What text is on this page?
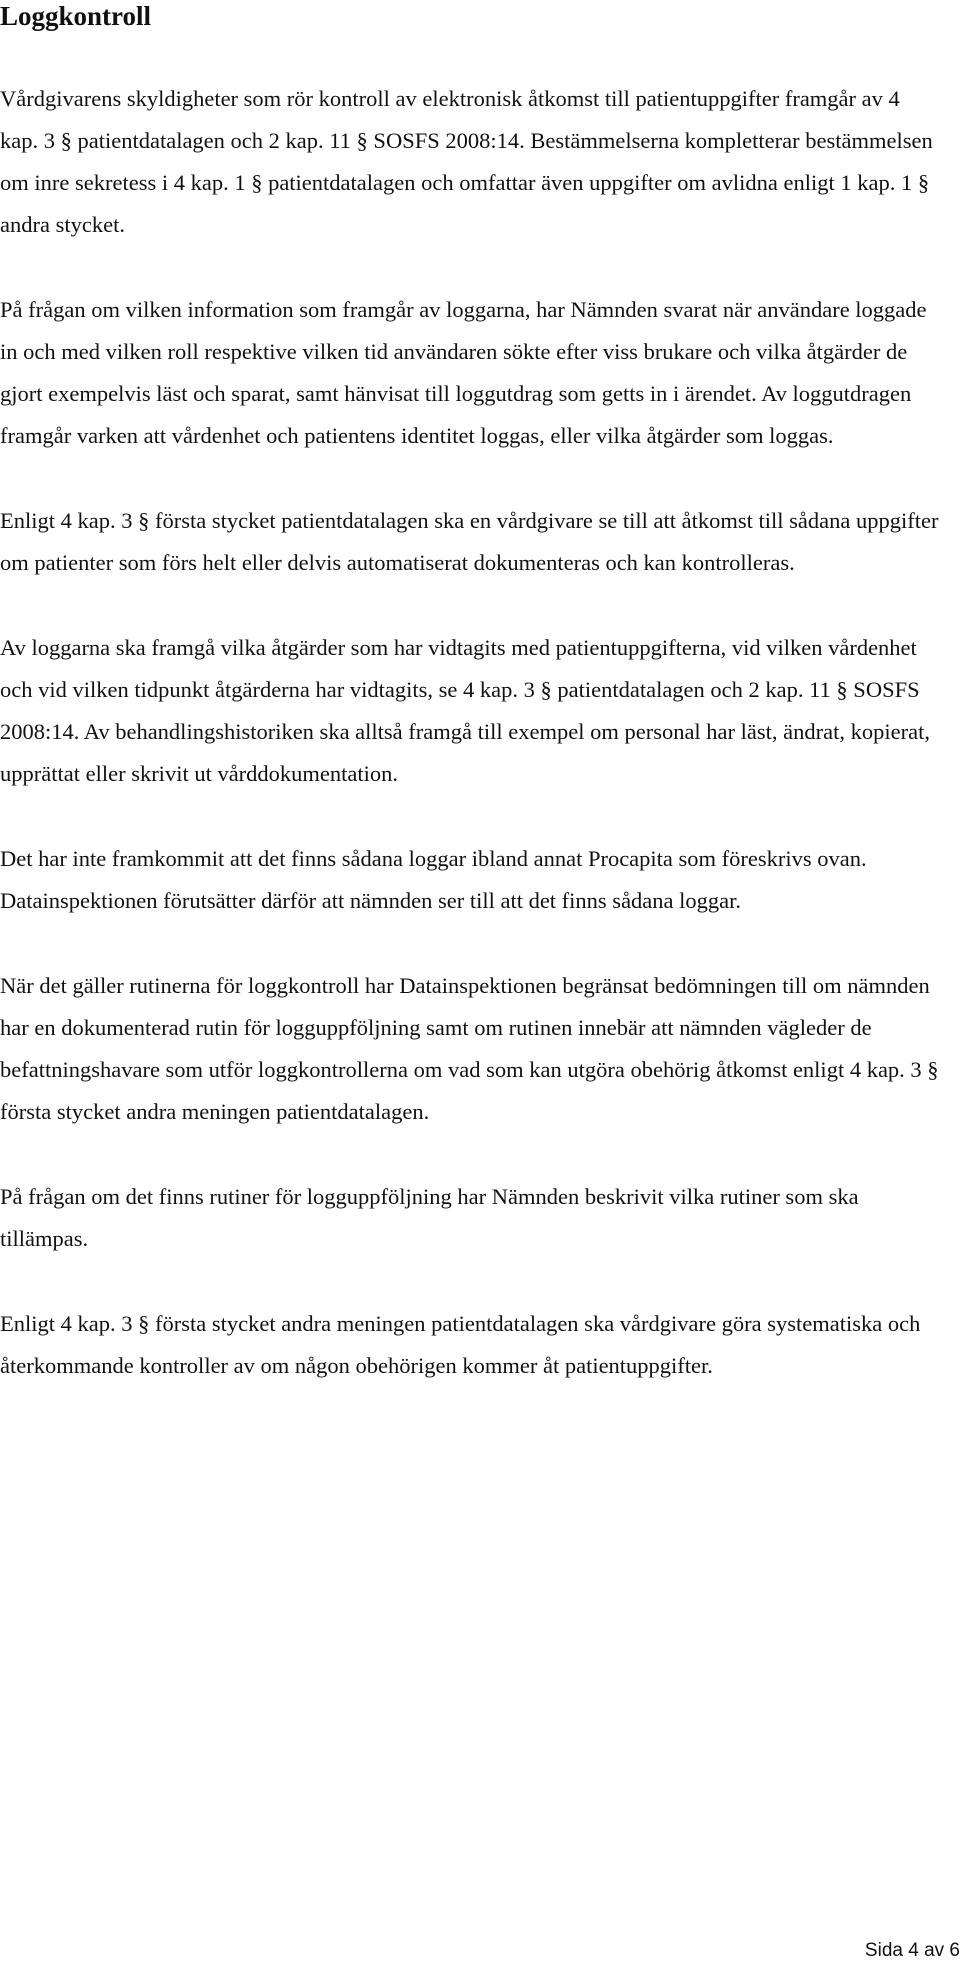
Loggkontroll

Vårdgivarens skyldigheter som rör kontroll av elektronisk åtkomst till patientuppgifter framgår av 4 kap. 3 § patientdatalagen och 2 kap. 11 § SOSFS 2008:14. Bestämmelserna kompletterar bestämmelsen om inre sekretess i 4 kap. 1 § patientdatalagen och omfattar även uppgifter om avlidna enligt 1 kap. 1 § andra stycket.

På frågan om vilken information som framgår av loggarna, har Nämnden svarat när användare loggade in och med vilken roll respektive vilken tid användaren sökte efter viss brukare och vilka åtgärder de gjort exempelvis läst och sparat, samt hänvisat till loggutdrag som getts in i ärendet. Av loggutdragen framgår varken att vårdenhet och patientens identitet loggas, eller vilka åtgärder som loggas.

Enligt 4 kap. 3 § första stycket patientdatalagen ska en vårdgivare se till att åtkomst till sådana uppgifter om patienter som förs helt eller delvis automatiserat dokumenteras och kan kontrolleras.

Av loggarna ska framgå vilka åtgärder som har vidtagits med patientuppgifterna, vid vilken vårdenhet och vid vilken tidpunkt åtgärderna har vidtagits, se 4 kap. 3 § patientdatalagen och 2 kap. 11 § SOSFS 2008:14. Av behandlingshistoriken ska alltså framgå till exempel om personal har läst, ändrat, kopierat, upprättat eller skrivit ut vårddokumentation.

Det har inte framkommit att det finns sådana loggar ibland annat Procapita som föreskrivs ovan. Datainspektionen förutsätter därför att nämnden ser till att det finns sådana loggar.

När det gäller rutinerna för loggkontroll har Datainspektionen begränsat bedömningen till om nämnden har en dokumenterad rutin för logguppföljning samt om rutinen innebär att nämnden vägleder de befattningshavare som utför loggkontrollerna om vad som kan utgöra obehörig åtkomst enligt 4 kap. 3 § första stycket andra meningen patientdatalagen.

På frågan om det finns rutiner för logguppföljning har Nämnden beskrivit vilka rutiner som ska tillämpas.

Enligt 4 kap. 3 § första stycket andra meningen patientdatalagen ska vårdgivare göra systematiska och återkommande kontroller av om någon obehörigen kommer åt patientuppgifter.

Sida 4 av 6
